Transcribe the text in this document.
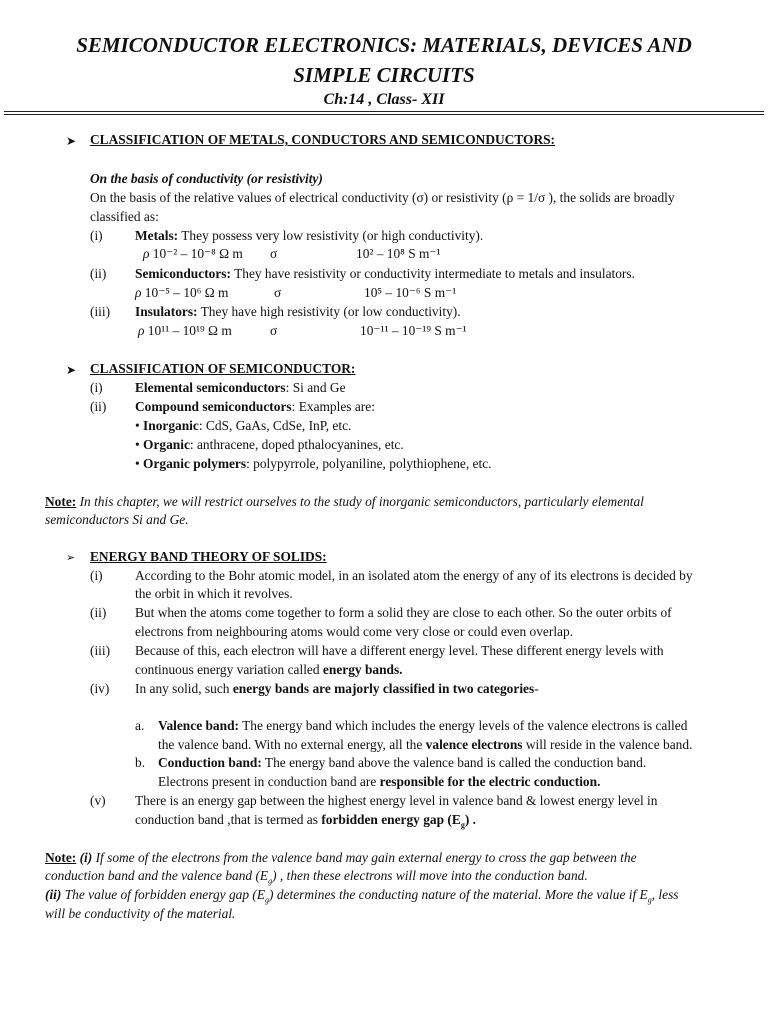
SEMICONDUCTOR ELECTRONICS: MATERIALS, DEVICES AND SIMPLE CIRCUITS
Ch:14 , Class- XII
➤ CLASSIFICATION OF METALS, CONDUCTORS AND SEMICONDUCTORS:
On the basis of conductivity (or resistivity)
On the basis of the relative values of electrical conductivity (σ) or resistivity (ρ = 1/σ ), the solids are broadly
classified as:
(i) Metals: They possess very low resistivity (or high conductivity).
ρ 10⁻² – 10⁻⁸ Ω m σ	10² – 10⁸ S m⁻¹
(ii) Semiconductors: They have resistivity or conductivity intermediate to metals and insulators.
ρ 10⁻⁵ – 10⁶ Ω m	σ	10⁵ – 10⁻⁶ S m⁻¹
(iii) Insulators: They have high resistivity (or low conductivity).
ρ 10¹¹ – 10¹⁹ Ω m	σ	10⁻¹¹ – 10⁻¹⁹ S m⁻¹
➤ CLASSIFICATION OF SEMICONDUCTOR:
(i) Elemental semiconductors: Si and Ge
(ii) Compound semiconductors: Examples are:
• Inorganic: CdS, GaAs, CdSe, InP, etc.
• Organic: anthracene, doped pthalocyanines, etc.
• Organic polymers: polypyrrole, polyaniline, polythiophene, etc.
Note: In this chapter, we will restrict ourselves to the study of inorganic semiconductors, particularly elemental
semiconductors Si and Ge.
➢ ENERGY BAND THEORY OF SOLIDS:
(i) According to the Bohr atomic model, in an isolated atom the energy of any of its electrons is decided by
the orbit in which it revolves.
(ii) But when the atoms come together to form a solid they are close to each other. So the outer orbits of
electrons from neighbouring atoms would come very close or could even overlap.
(iii) Because of this, each electron will have a different energy level. These different energy levels with
continuous energy variation called energy bands.
(iv) In any solid, such energy bands are majorly classified in two categories-
a. Valence band: The energy band which includes the energy levels of the valence electrons is called
the valence band. With no external energy, all the valence electrons will reside in the valence band.
b. Conduction band: The energy band above the valence band is called the conduction band.
Electrons present in conduction band are responsible for the electric conduction.
(v) There is an energy gap between the highest energy level in valence band & lowest energy level in
conduction band ,that is termed as forbidden energy gap $(E_g)$ .
Note: (i) If some of the electrons from the valence band may gain external energy to cross the gap between the
conduction band and the valence band $(E_g)$ , then these electrons will move into the conduction band.
(ii) The value of forbidden energy gap $(E_g)$ determines the conducting nature of the material. More the value if $E_g$, less
will be conductivity of the material.
